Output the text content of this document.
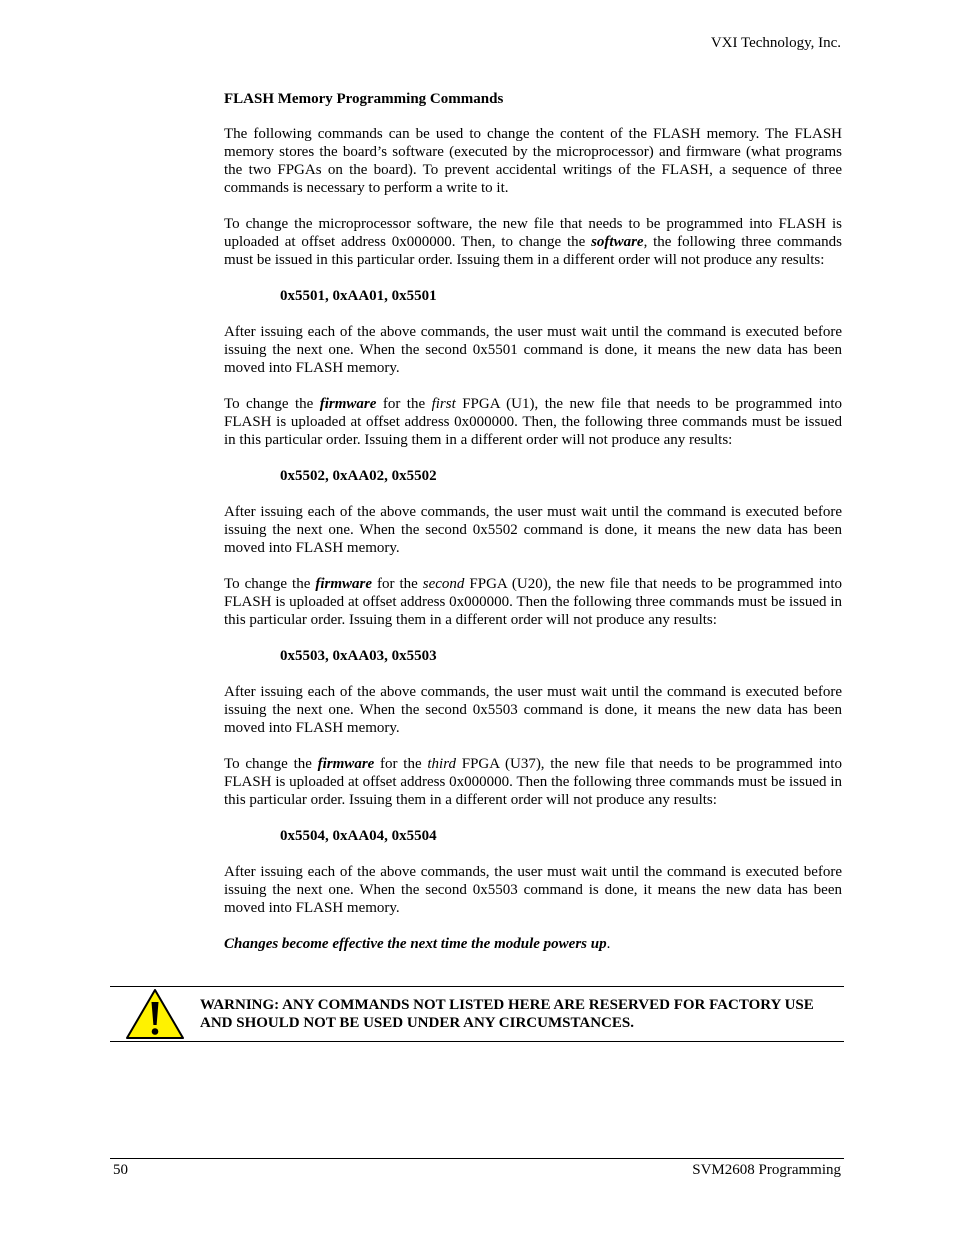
VXI Technology, Inc.
FLASH Memory Programming Commands

The following commands can be used to change the content of the FLASH memory. The FLASH memory stores the board’s software (executed by the microprocessor) and firmware (what programs the two FPGAs on the board). To prevent accidental writings of the FLASH, a sequence of three commands is necessary to perform a write to it.

To change the microprocessor software, the new file that needs to be programmed into FLASH is uploaded at offset address 0x000000. Then, to change the software, the following three commands must be issued in this particular order. Issuing them in a different order will not produce any results:

0x5501, 0xAA01, 0x5501

After issuing each of the above commands, the user must wait until the command is executed before issuing the next one. When the second 0x5501 command is done, it means the new data has been moved into FLASH memory.

To change the firmware for the first FPGA (U1), the new file that needs to be programmed into FLASH is uploaded at offset address 0x000000. Then, the following three commands must be issued in this particular order. Issuing them in a different order will not produce any results:

0x5502, 0xAA02, 0x5502

After issuing each of the above commands, the user must wait until the command is executed before issuing the next one. When the second 0x5502 command is done, it means the new data has been moved into FLASH memory.

To change the firmware for the second FPGA (U20), the new file that needs to be programmed into FLASH is uploaded at offset address 0x000000. Then the following three commands must be issued in this particular order. Issuing them in a different order will not produce any results:

0x5503, 0xAA03, 0x5503

After issuing each of the above commands, the user must wait until the command is executed before issuing the next one. When the second 0x5503 command is done, it means the new data has been moved into FLASH memory.

To change the firmware for the third FPGA (U37), the new file that needs to be programmed into FLASH is uploaded at offset address 0x000000. Then the following three commands must be issued in this particular order. Issuing them in a different order will not produce any results:

0x5504, 0xAA04, 0x5504

After issuing each of the above commands, the user must wait until the command is executed before issuing the next one. When the second 0x5503 command is done, it means the new data has been moved into FLASH memory.

Changes become effective the next time the module powers up.

WARNING: ANY COMMANDS NOT LISTED HERE ARE RESERVED FOR FACTORY USE AND SHOULD NOT BE USED UNDER ANY CIRCUMSTANCES.
50	SVM2608 Programming
